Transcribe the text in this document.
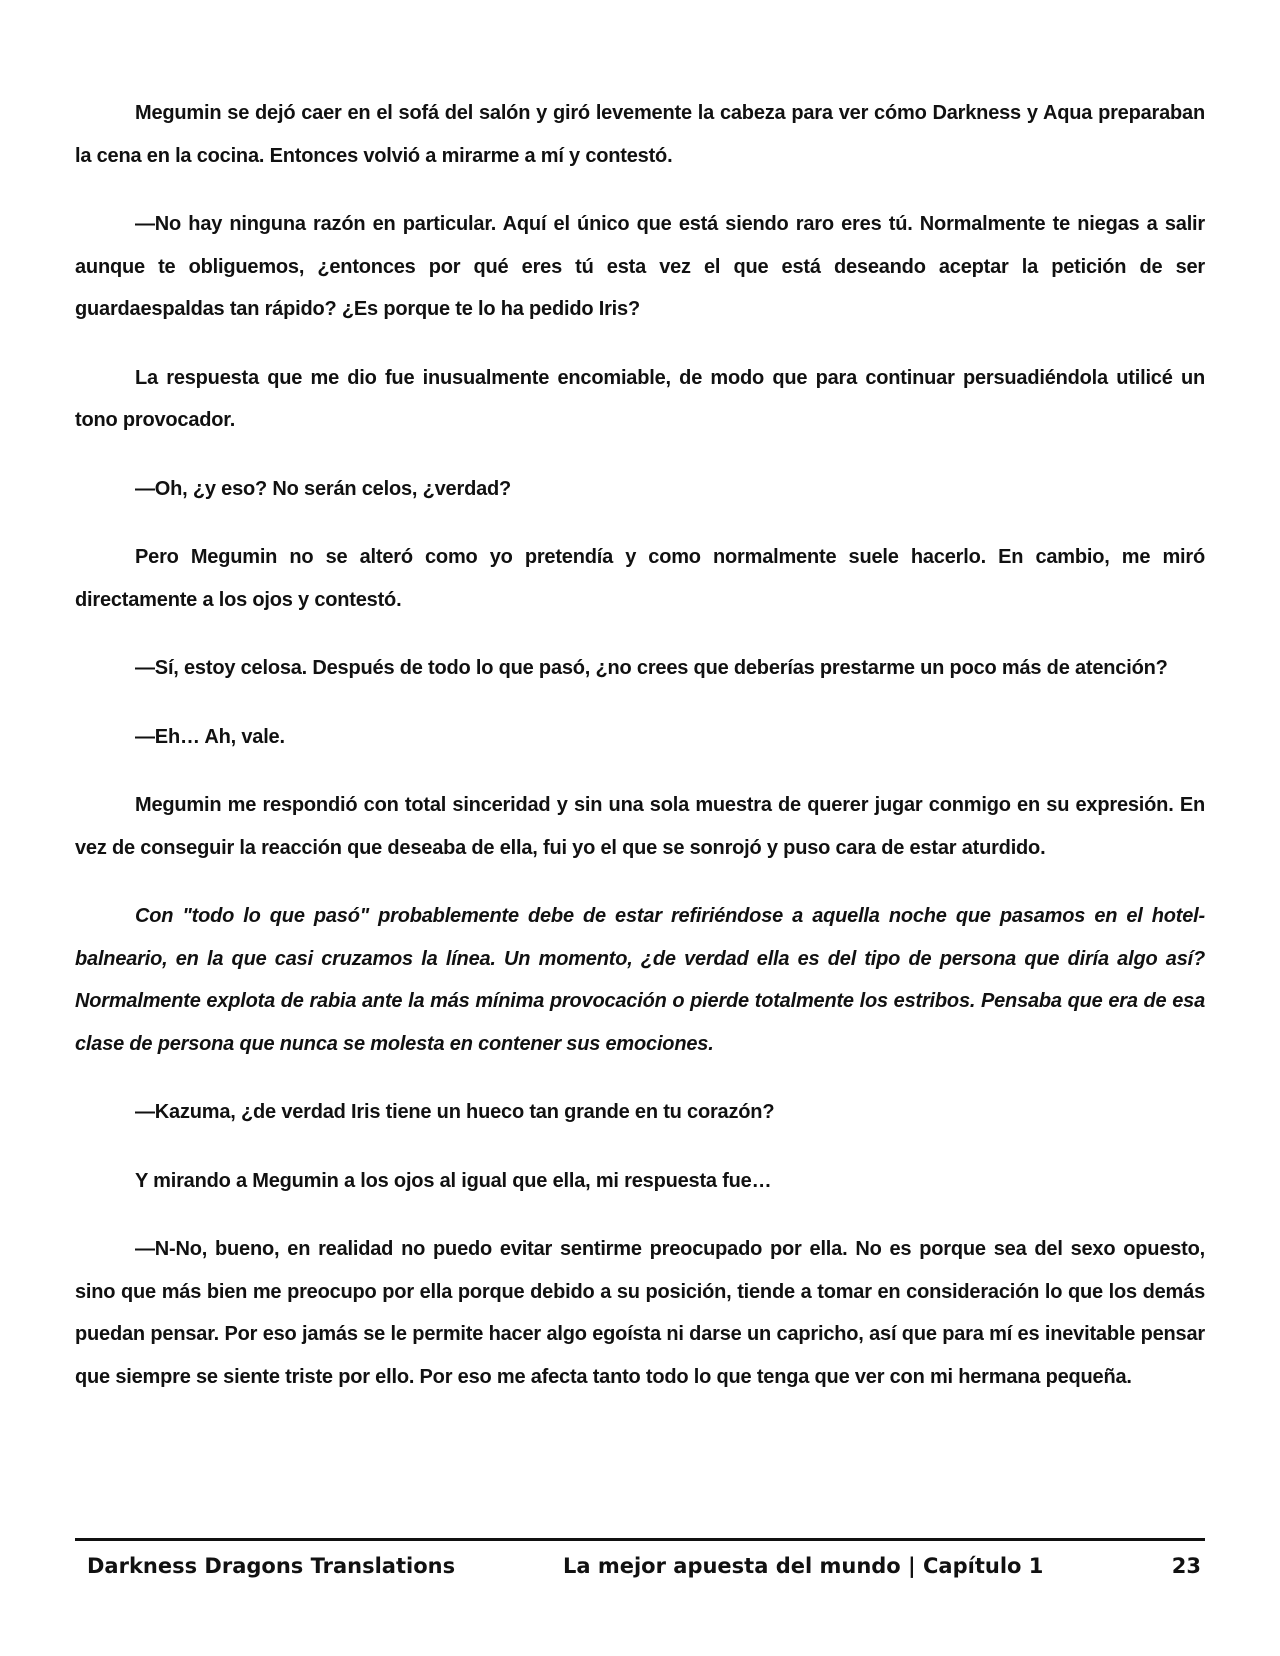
Megumin se dejó caer en el sofá del salón y giró levemente la cabeza para ver cómo Darkness y Aqua preparaban la cena en la cocina. Entonces volvió a mirarme a mí y contestó.

—No hay ninguna razón en particular. Aquí el único que está siendo raro eres tú. Normalmente te niegas a salir aunque te obliguemos, ¿entonces por qué eres tú esta vez el que está deseando aceptar la petición de ser guardaespaldas tan rápido? ¿Es porque te lo ha pedido Iris?

La respuesta que me dio fue inusualmente encomiable, de modo que para continuar persuadiéndola utilicé un tono provocador.

—Oh, ¿y eso? No serán celos, ¿verdad?

Pero Megumin no se alteró como yo pretendía y como normalmente suele hacerlo. En cambio, me miró directamente a los ojos y contestó.

—Sí, estoy celosa. Después de todo lo que pasó, ¿no crees que deberías prestarme un poco más de atención?

—Eh… Ah, vale.

Megumin me respondió con total sinceridad y sin una sola muestra de querer jugar conmigo en su expresión. En vez de conseguir la reacción que deseaba de ella, fui yo el que se sonrojó y puso cara de estar aturdido.

Con "todo lo que pasó" probablemente debe de estar refiriéndose a aquella noche que pasamos en el hotel-balneario, en la que casi cruzamos la línea. Un momento, ¿de verdad ella es del tipo de persona que diría algo así? Normalmente explota de rabia ante la más mínima provocación o pierde totalmente los estribos. Pensaba que era de esa clase de persona que nunca se molesta en contener sus emociones.

—Kazuma, ¿de verdad Iris tiene un hueco tan grande en tu corazón?

Y mirando a Megumin a los ojos al igual que ella, mi respuesta fue…

—N-No, bueno, en realidad no puedo evitar sentirme preocupado por ella. No es porque sea del sexo opuesto, sino que más bien me preocupo por ella porque debido a su posición, tiende a tomar en consideración lo que los demás puedan pensar. Por eso jamás se le permite hacer algo egoísta ni darse un capricho, así que para mí es inevitable pensar que siempre se siente triste por ello. Por eso me afecta tanto todo lo que tenga que ver con mi hermana pequeña.

Darkness Dragons Translations	La mejor apuesta del mundo | Capítulo 1	23
